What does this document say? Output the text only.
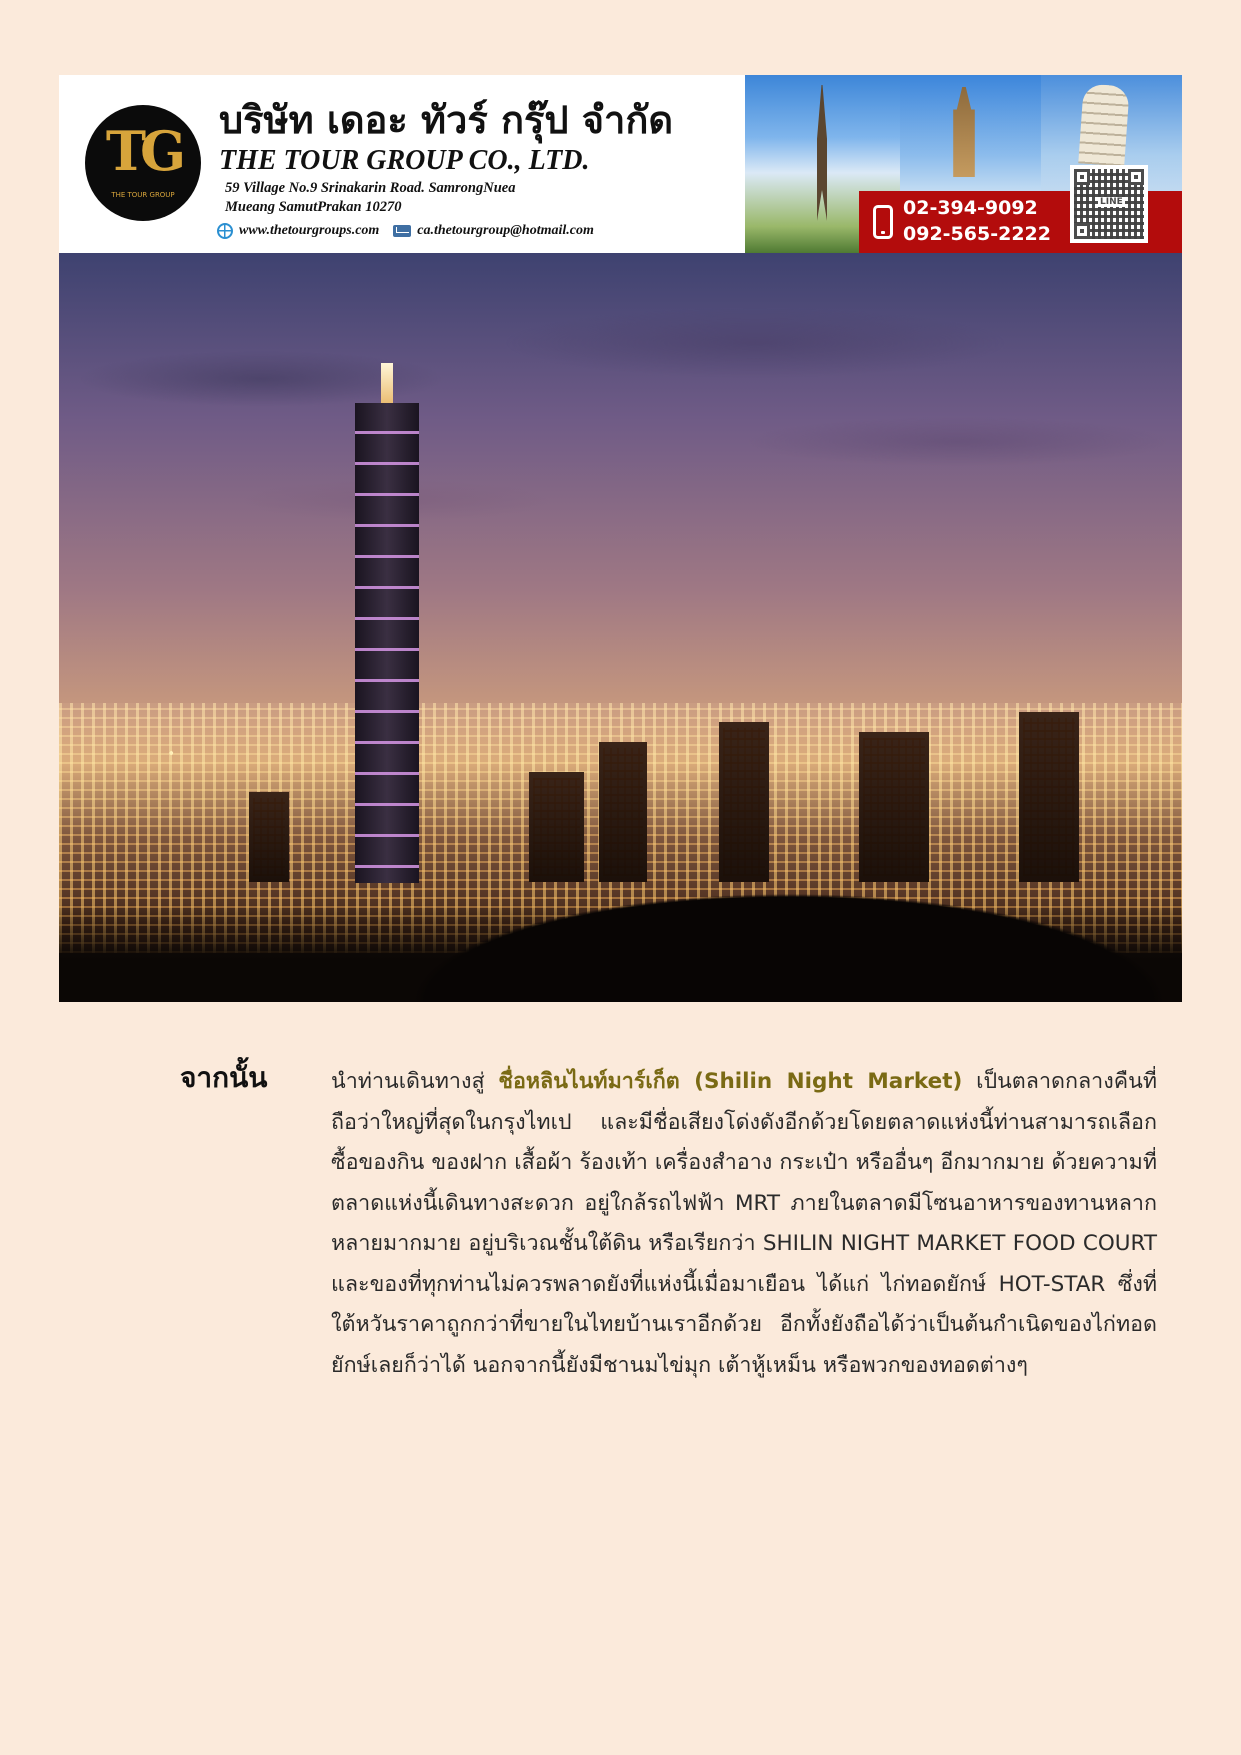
TG
THE TOUR GROUP
บริษัท เดอะ ทัวร์ กรุ๊ป จำกัด
THE TOUR GROUP CO., LTD.
59 Village No.9 Srinakarin Road. SamrongNuea
Mueang SamutPrakan 10270
www.thetourgroups.com	ca.thetourgroup@hotmail.com
02-394-9092
092-565-2222
LINE
จากนั้น	นำท่านเดินทางสู่ ชื่อหลินไนท์มาร์เก็ต (Shilin Night Market) เป็นตลาดกลางคืนที่ถือว่าใหญ่ที่สุดในกรุงไทเป และมีชื่อเสียงโด่งดังอีกด้วยโดยตลาดแห่งนี้ท่านสามารถเลือกซื้อของกิน ของฝาก เสื้อผ้า ร้องเท้า เครื่องสำอาง กระเป๋า หรืออื่นๆ อีกมากมาย ด้วยความที่ตลาดแห่งนี้เดินทางสะดวก อยู่ใกล้รถไฟฟ้า MRT ภายในตลาดมีโซนอาหารของทานหลากหลายมากมาย อยู่บริเวณชั้นใต้ดิน หรือเรียกว่า SHILIN NIGHT MARKET FOOD COURT และของที่ทุกท่านไม่ควรพลาดยังที่แห่งนี้เมื่อมาเยือน ได้แก่ ไก่ทอดยักษ์ HOT-STAR ซึ่งที่ใต้หวันราคาถูกกว่าที่ขายในไทยบ้านเราอีกด้วย อีกทั้งยังถือได้ว่าเป็นต้นกำเนิดของไก่ทอดยักษ์เลยก็ว่าได้ นอกจากนี้ยังมีชานมไข่มุก เต้าหู้เหม็น หรือพวกของทอดต่างๆ
